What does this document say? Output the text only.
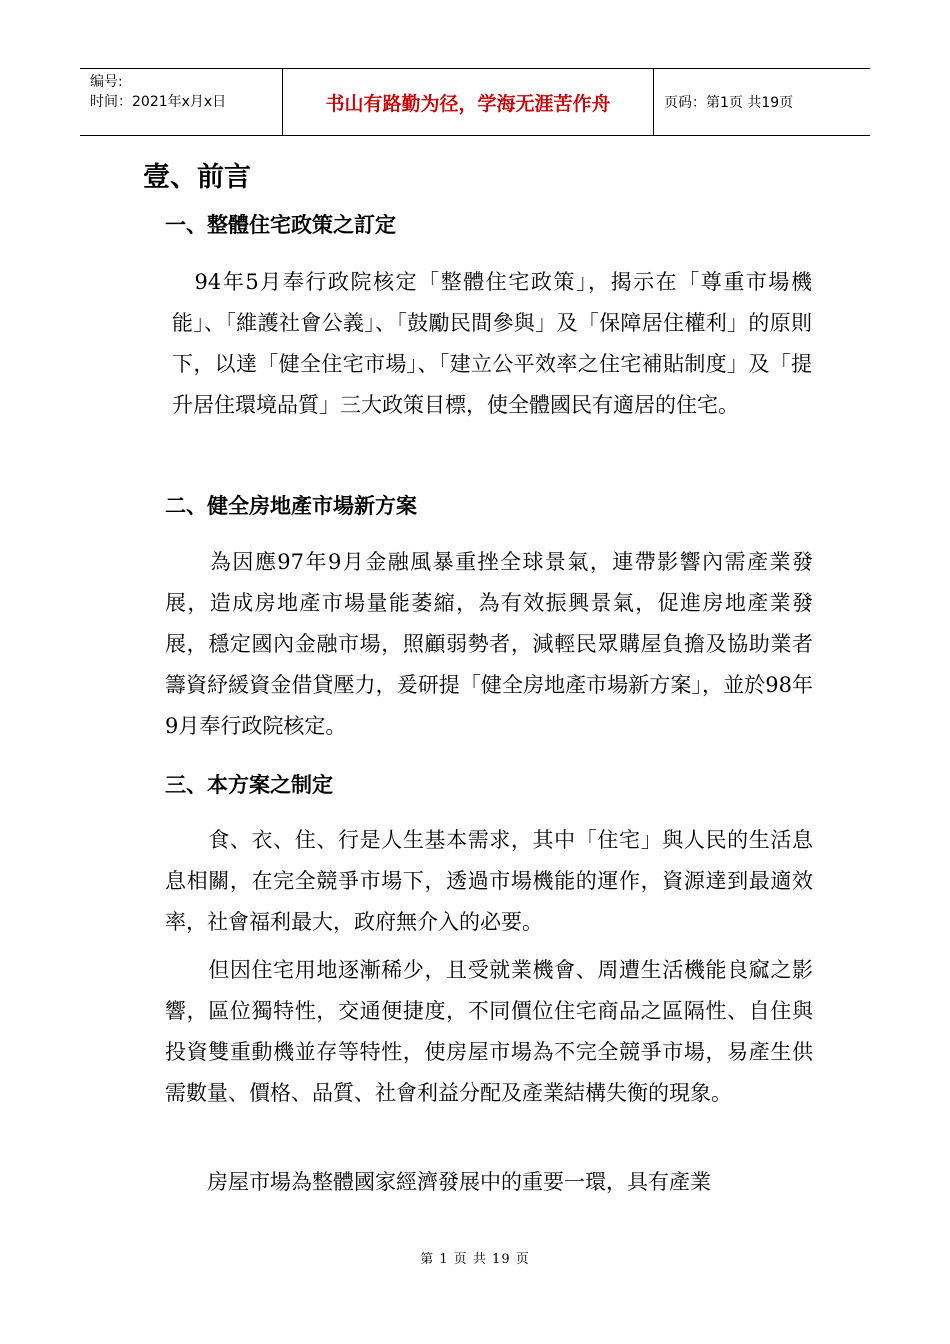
编号:
时间：2021年x月x日	书山有路勤为径，学海无涯苦作舟	页码：第1页 共19页
壹、前言
一、整體住宅政策之訂定

　94年5月奉行政院核定「整體住宅政策」，揭示在「尊重市場機能」、「維護社會公義」、「鼓勵民間參與」及「保障居住權利」的原則下，以達「健全住宅市場」、「建立公平效率之住宅補貼制度」及「提升居住環境品質」三大政策目標，使全體國民有適居的住宅。

二、健全房地產市場新方案

　　為因應97年9月金融風暴重挫全球景氣，連帶影響內需產業發展，造成房地產市場量能萎縮，為有效振興景氣，促進房地產業發展，穩定國內金融市場，照顧弱勢者，減輕民眾購屋負擔及協助業者籌資紓緩資金借貸壓力，爰研提「健全房地產市場新方案」，並於98年9月奉行政院核定。

三、本方案之制定

　　食、衣、住、行是人生基本需求，其中「住宅」與人民的生活息息相關，在完全競爭市場下，透過市場機能的運作，資源達到最適效率，社會福利最大，政府無介入的必要。

　　但因住宅用地逐漸稀少，且受就業機會、周遭生活機能良窳之影響，區位獨特性，交通便捷度，不同價位住宅商品之區隔性、自住與投資雙重動機並存等特性，使房屋市場為不完全競爭市場，易產生供需數量、價格、品質、社會利益分配及產業結構失衡的現象。

　　房屋市場為整體國家經濟發展中的重要一環，具有產業

第 1 页 共 19 页
